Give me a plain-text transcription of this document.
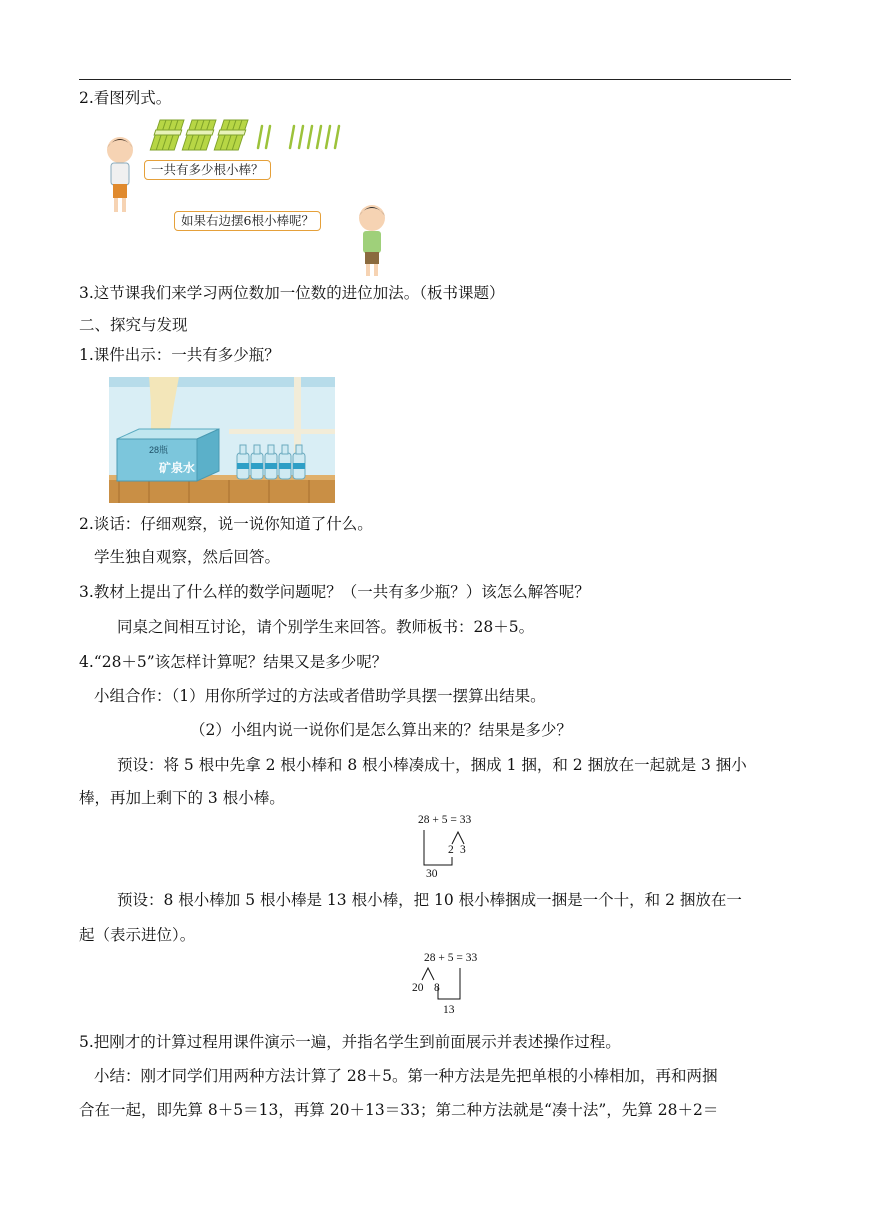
2.看图列式。
一共有多少根小棒？
如果右边摆6根小棒呢？
3.这节课我们来学习两位数加一位数的进位加法。（板书课题）
二、探究与发现
1.课件出示：一共有多少瓶？
28瓶
矿泉水
2.谈话：仔细观察，说一说你知道了什么。
学生独自观察，然后回答。
3.教材上提出了什么样的数学问题呢？（一共有多少瓶？）该怎么解答呢？
同桌之间相互讨论，请个别学生来回答。教师板书：28＋5。
4.“28＋5”该怎样计算呢？结果又是多少呢？
小组合作：（1）用你所学过的方法或者借助学具摆一摆算出结果。
（2）小组内说一说你们是怎么算出来的？结果是多少？
预设：将 5 根中先拿 2 根小棒和 8 根小棒凑成十，捆成 1 捆，和 2 捆放在一起就是 3 捆小
棒，再加上剩下的 3 根小棒。
28 + 5 = 33
2 3
30
预设：8 根小棒加 5 根小棒是 13 根小棒，把 10 根小棒捆成一捆是一个十，和 2 捆放在一
起（表示进位）。
28 + 5 = 33
20 8
13
5.把刚才的计算过程用课件演示一遍，并指名学生到前面展示并表述操作过程。
小结：刚才同学们用两种方法计算了 28＋5。第一种方法是先把单根的小棒相加，再和两捆
合在一起，即先算 8＋5＝13，再算 20＋13＝33；第二种方法就是“凑十法”，先算 28＋2＝
